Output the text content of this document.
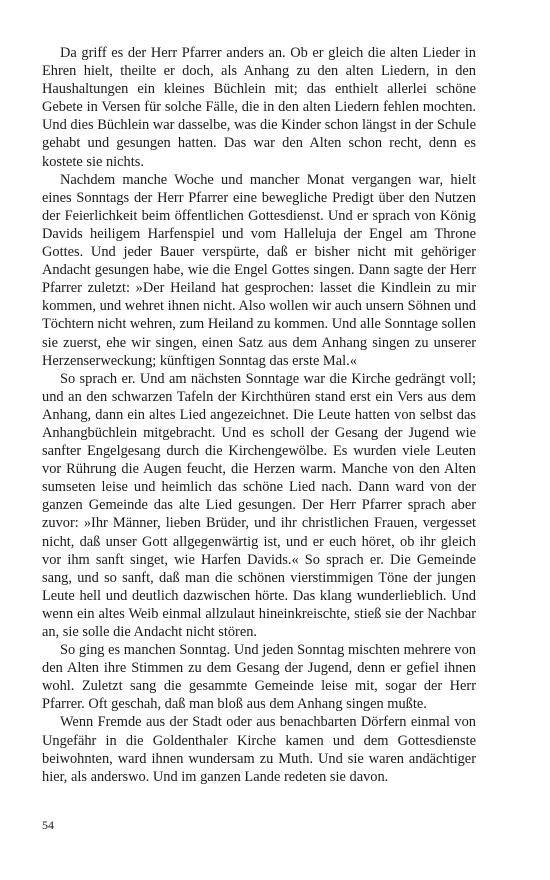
Da griff es der Herr Pfarrer anders an. Ob er gleich die alten Lieder in Ehren hielt, theilte er doch, als Anhang zu den alten Liedern, in den Haushaltungen ein kleines Büchlein mit; das enthielt allerlei schöne Gebete in Versen für solche Fälle, die in den alten Liedern fehlen mochten. Und dies Büchlein war dasselbe, was die Kinder schon längst in der Schule gehabt und gesungen hatten. Das war den Alten schon recht, denn es kostete sie nichts.

Nachdem manche Woche und mancher Monat vergangen war, hielt eines Sonntags der Herr Pfarrer eine bewegliche Predigt über den Nutzen der Feierlichkeit beim öffentlichen Gottesdienst. Und er sprach von König Davids heiligem Harfenspiel und vom Halleluja der Engel am Throne Gottes. Und jeder Bauer verspürte, daß er bisher nicht mit gehöriger Andacht gesungen habe, wie die Engel Gottes singen. Dann sagte der Herr Pfarrer zuletzt: »Der Heiland hat gesprochen: lasset die Kindlein zu mir kommen, und wehret ihnen nicht. Also wollen wir auch unsern Söhnen und Töchtern nicht wehren, zum Heiland zu kommen. Und alle Sonntage sollen sie zuerst, ehe wir singen, einen Satz aus dem Anhang singen zu unserer Herzenserweckung; künftigen Sonntag das erste Mal.«

So sprach er. Und am nächsten Sonntage war die Kirche gedrängt voll; und an den schwarzen Tafeln der Kirchthüren stand erst ein Vers aus dem Anhang, dann ein altes Lied angezeichnet. Die Leute hatten von selbst das Anhangbüchlein mitgebracht. Und es scholl der Gesang der Jugend wie sanfter Engelgesang durch die Kirchengewölbe. Es wurden viele Leuten vor Rührung die Augen feucht, die Herzen warm. Manche von den Alten sumseten leise und heimlich das schöne Lied nach. Dann ward von der ganzen Gemeinde das alte Lied gesungen. Der Herr Pfarrer sprach aber zuvor: »Ihr Männer, lieben Brüder, und ihr christlichen Frauen, vergesset nicht, daß unser Gott allgegenwärtig ist, und er euch höret, ob ihr gleich vor ihm sanft singet, wie Harfen Davids.« So sprach er. Die Gemeinde sang, und so sanft, daß man die schönen vierstimmigen Töne der jungen Leute hell und deutlich dazwischen hörte. Das klang wunderlieblich. Und wenn ein altes Weib einmal allzulaut hineinkreischte, stieß sie der Nachbar an, sie solle die Andacht nicht stören.

So ging es manchen Sonntag. Und jeden Sonntag mischten mehrere von den Alten ihre Stimmen zu dem Gesang der Jugend, denn er gefiel ihnen wohl. Zuletzt sang die gesammte Gemeinde leise mit, sogar der Herr Pfarrer. Oft geschah, daß man bloß aus dem Anhang singen mußte.

Wenn Fremde aus der Stadt oder aus benachbarten Dörfern einmal von Ungefähr in die Goldenthaler Kirche kamen und dem Gottesdienste beiwohnten, ward ihnen wundersam zu Muth. Und sie waren andächtiger hier, als anderswo. Und im ganzen Lande redeten sie davon.

54
